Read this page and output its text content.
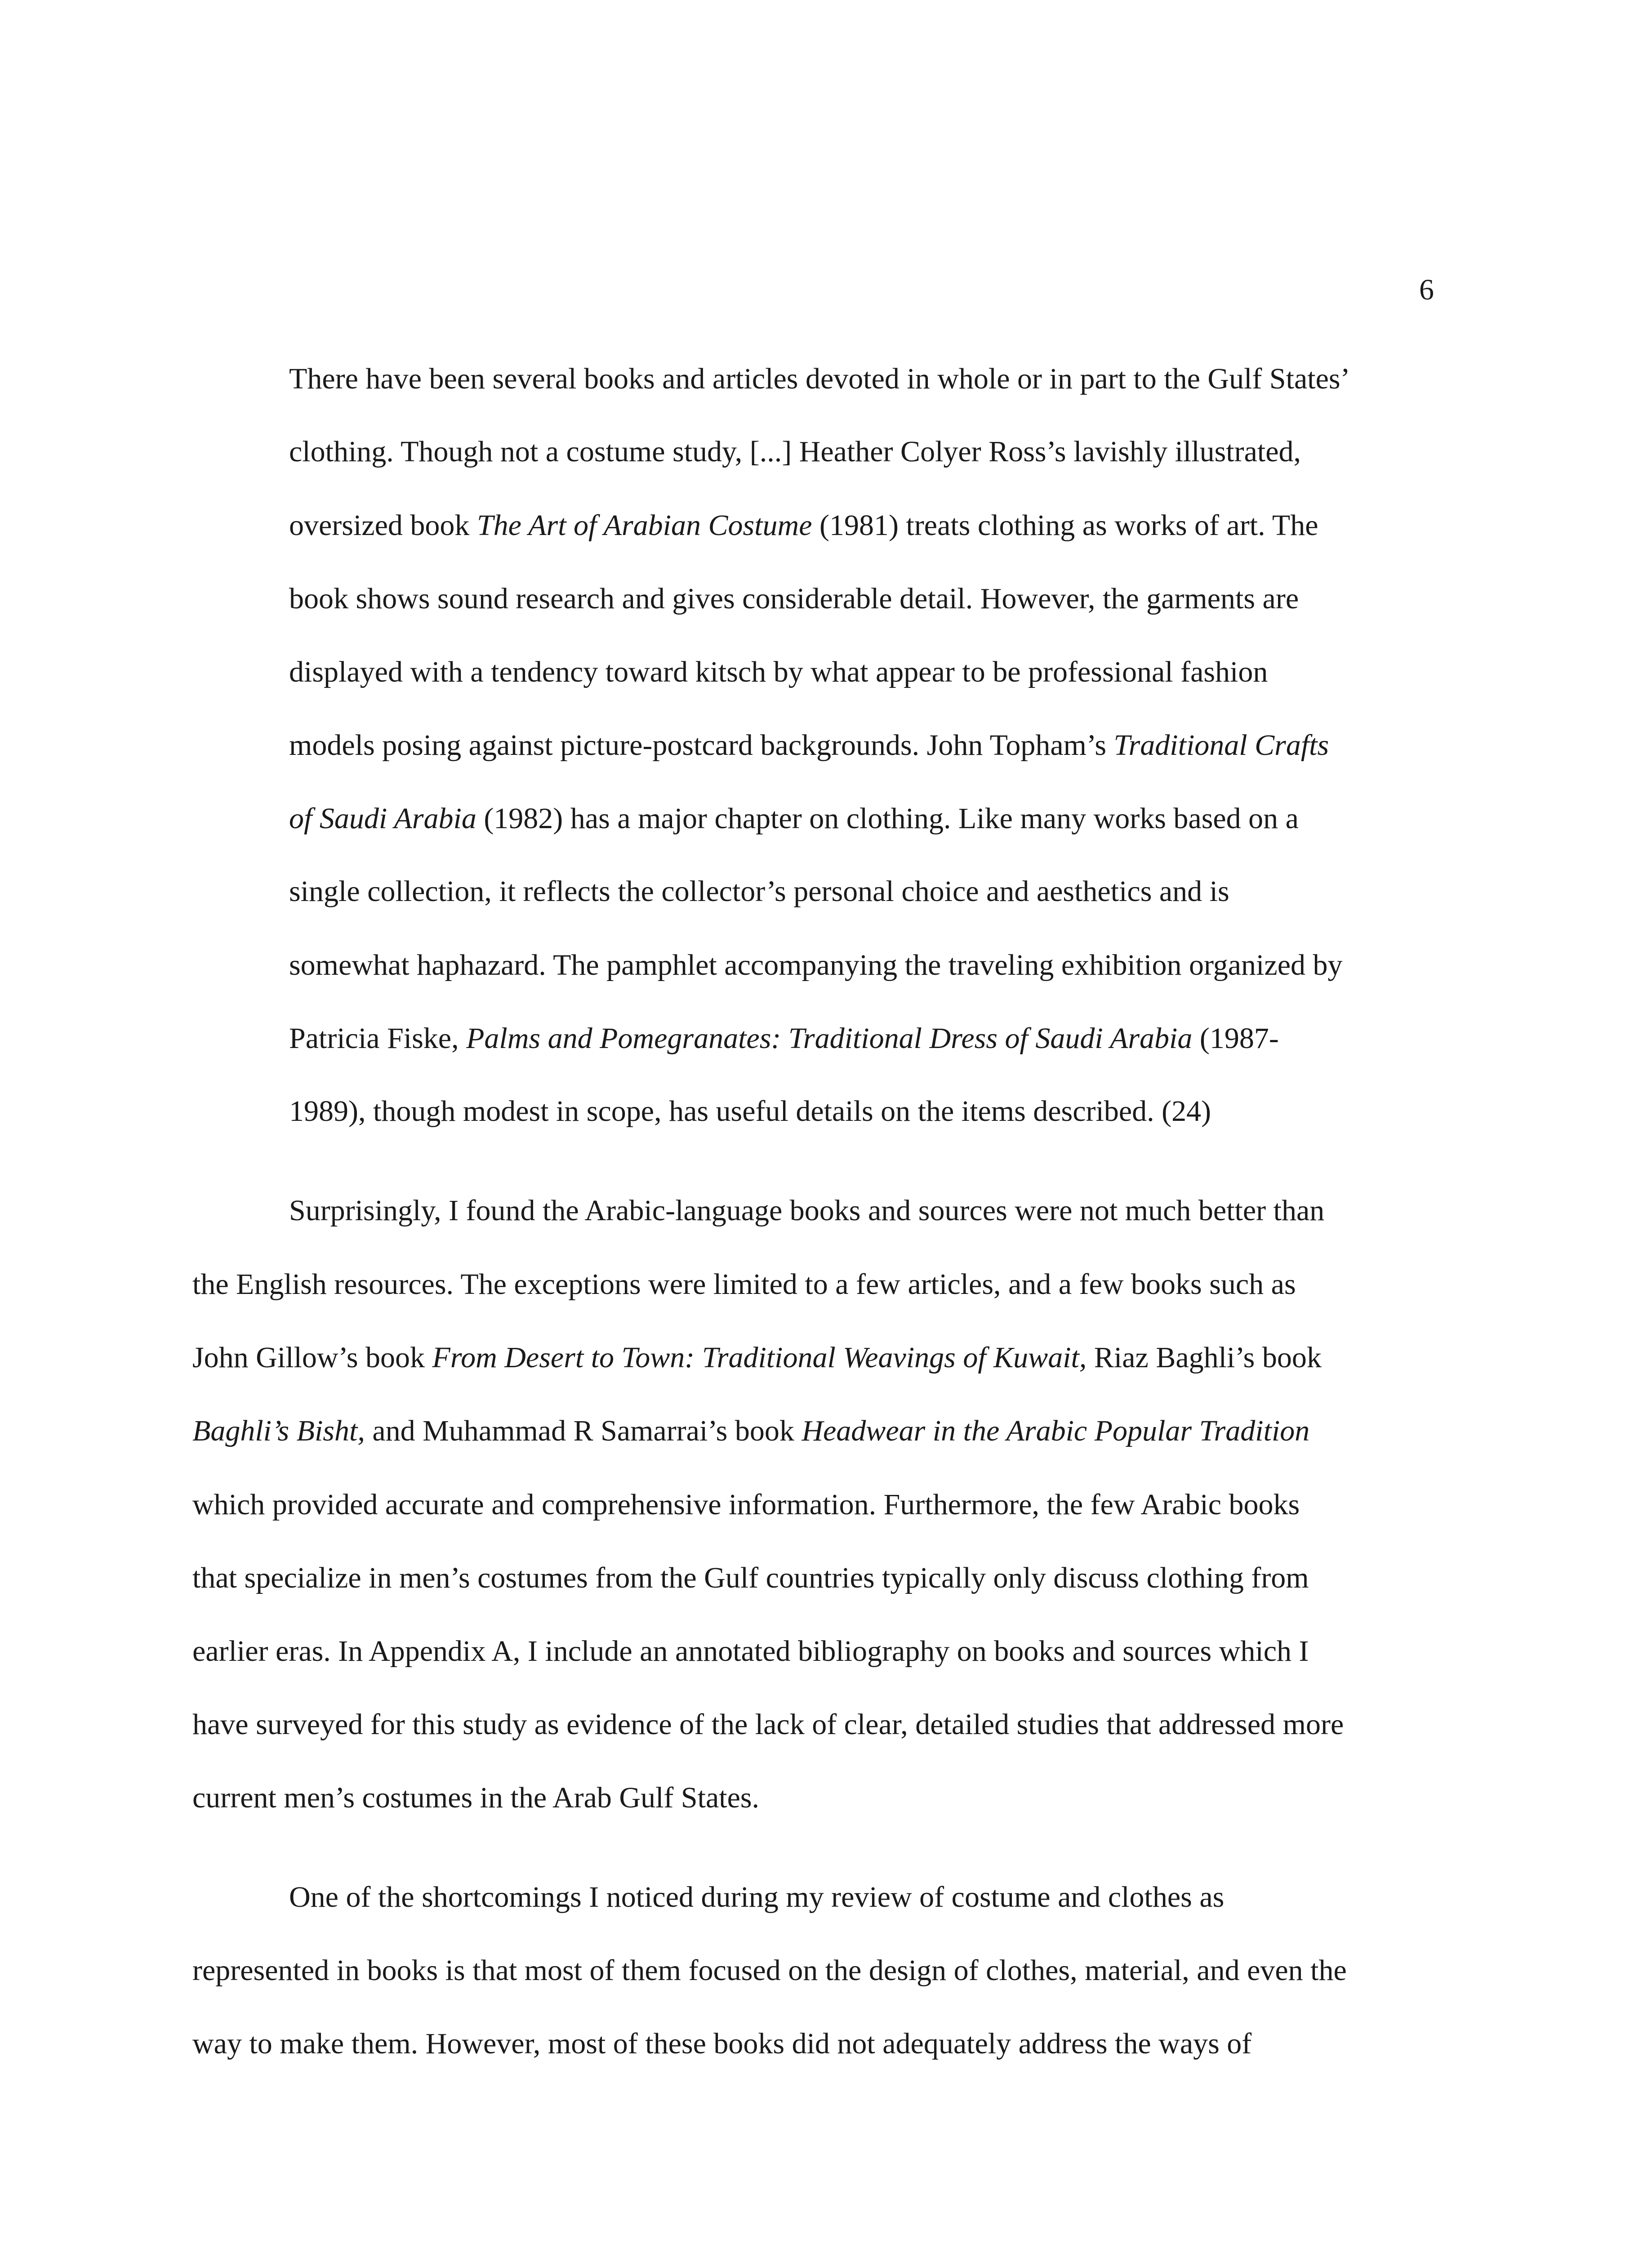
6
There have been several books and articles devoted in whole or in part to the Gulf States’
clothing. Though not a costume study, [...] Heather Colyer Ross’s lavishly illustrated,
oversized book The Art of Arabian Costume (1981) treats clothing as works of art. The
book shows sound research and gives considerable detail. However, the garments are
displayed with a tendency toward kitsch by what appear to be professional fashion
models posing against picture-postcard backgrounds. John Topham’s Traditional Crafts
of Saudi Arabia (1982) has a major chapter on clothing. Like many works based on a
single collection, it reflects the collector’s personal choice and aesthetics and is
somewhat haphazard. The pamphlet accompanying the traveling exhibition organized by
Patricia Fiske, Palms and Pomegranates: Traditional Dress of Saudi Arabia (1987-
1989), though modest in scope, has useful details on the items described. (24)
Surprisingly, I found the Arabic-language books and sources were not much better than
the English resources. The exceptions were limited to a few articles, and a few books such as
John Gillow’s book From Desert to Town: Traditional Weavings of Kuwait, Riaz Baghli’s book
Baghli’s Bisht, and Muhammad R Samarrai’s book Headwear in the Arabic Popular Tradition
which provided accurate and comprehensive information. Furthermore, the few Arabic books
that specialize in men’s costumes from the Gulf countries typically only discuss clothing from
earlier eras. In Appendix A, I include an annotated bibliography on books and sources which I
have surveyed for this study as evidence of the lack of clear, detailed studies that addressed more
current men’s costumes in the Arab Gulf States.
One of the shortcomings I noticed during my review of costume and clothes as
represented in books is that most of them focused on the design of clothes, material, and even the
way to make them. However, most of these books did not adequately address the ways of
